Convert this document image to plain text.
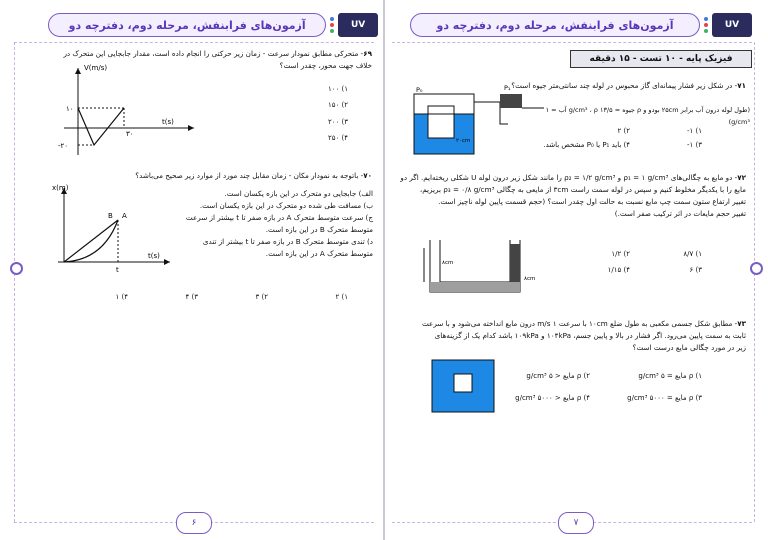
آزمون‌های فرابنفش، مرحله دوم، دفترچه دو	UV
۶۹- متحرکی مطابق نمودار سرعت - زمان زیر حرکتی را انجام داده است، مقدار جابجایی این متحرک در
خلاف جهت محور، چقدر است؟
V(m/s)
t(s)
۱۰
-۲۰
۳۰
۱) ۱۰۰
۲) ۱۵۰
۳) ۲۰۰
۴) ۲۵۰
۷۰- باتوجه به نمودار مکان - زمان مقابل چند مورد از موارد زیر صحیح می‌باشد؟
x(m)
t(s)
B A
t
الف) جابجایی دو متحرک در این بازه یکسان است.
ب) مسافت طی شده دو متحرک در این بازه یکسان است.
ج) سرعت متوسط متحرک A در بازه صفر تا t بیشتر از سرعت
متوسط متحرک B در این بازه است.
د) تندی متوسط متحرک B در بازه صفر تا t بیشتر از تندی
متوسط متحرک A در این بازه است.
۱) ۲
۲) ۳
۳) ۴
۴) ۱
۶
آزمون‌های فرابنفش، مرحله دوم، دفترچه دو	UV
فیزیک پایه - ۱۰ تست - ۱۵ دقیقه
۷۱- در شکل زیر فشار پیمانه‌ای گاز محبوس در لوله چند سانتی‌متر جیوه است؟
P₀	P₁
۲۰cm
(طول لوله درون آب برابر ۲۵cm بودو و ρ جیوه = ۱۳/۵ g/cm³ ، ρ آب = ۱ g/cm³)
۱) ۱-
۲) ۲
۳) ۱-
۴) باید P₁ یا P₀ مشخص باشد.
۷۲- دو مایع به چگالی‌های ρ₁ = ۱ g/cm³ و ρ₂ = ۱/۲ g/cm³ را مانند شکل زیر درون لوله U شکلی ریخته‌ایم. اگر دو
مایع را با یکدیگر مخلوط کنیم و سپس در لوله سمت راست ۳cm از مایعی به چگالی ρ₃ = ۰/۸ g/cm³ بریزیم،
تغییر ارتفاع ستون سمت چپ مایع نسبت به حالت اول چقدر است؟ (حجم قسمت پایین لوله ناچیز است.
تغییر حجم مایعات در اثر ترکیب صفر است.)
۸cm
۸cm
۱) ۸/۷
۲) ۱/۲
۳) ۶
۴) ۱/۱۵
۷۳- مطابق شکل جسمی مکعبی به طول ضلع ۱۰cm با سرعت ۱ m/s درون مایع انداخته می‌شود و با سرعت
ثابت به سمت پایین می‌رود. اگر فشار در بالا و پایین جسم، ۱۰۴kPa و ۱۰۹kPa باشد کدام یک از گزینه‌های
زیر در مورد چگالی مایع درست است؟
۱) ρ مایع = ۵ g/cm³
۲) ρ مایع < ۵ g/cm³
۳) ρ مایع = ۵۰۰۰ g/cm³
۴) ρ مایع < ۵۰۰۰ g/cm³
۷
